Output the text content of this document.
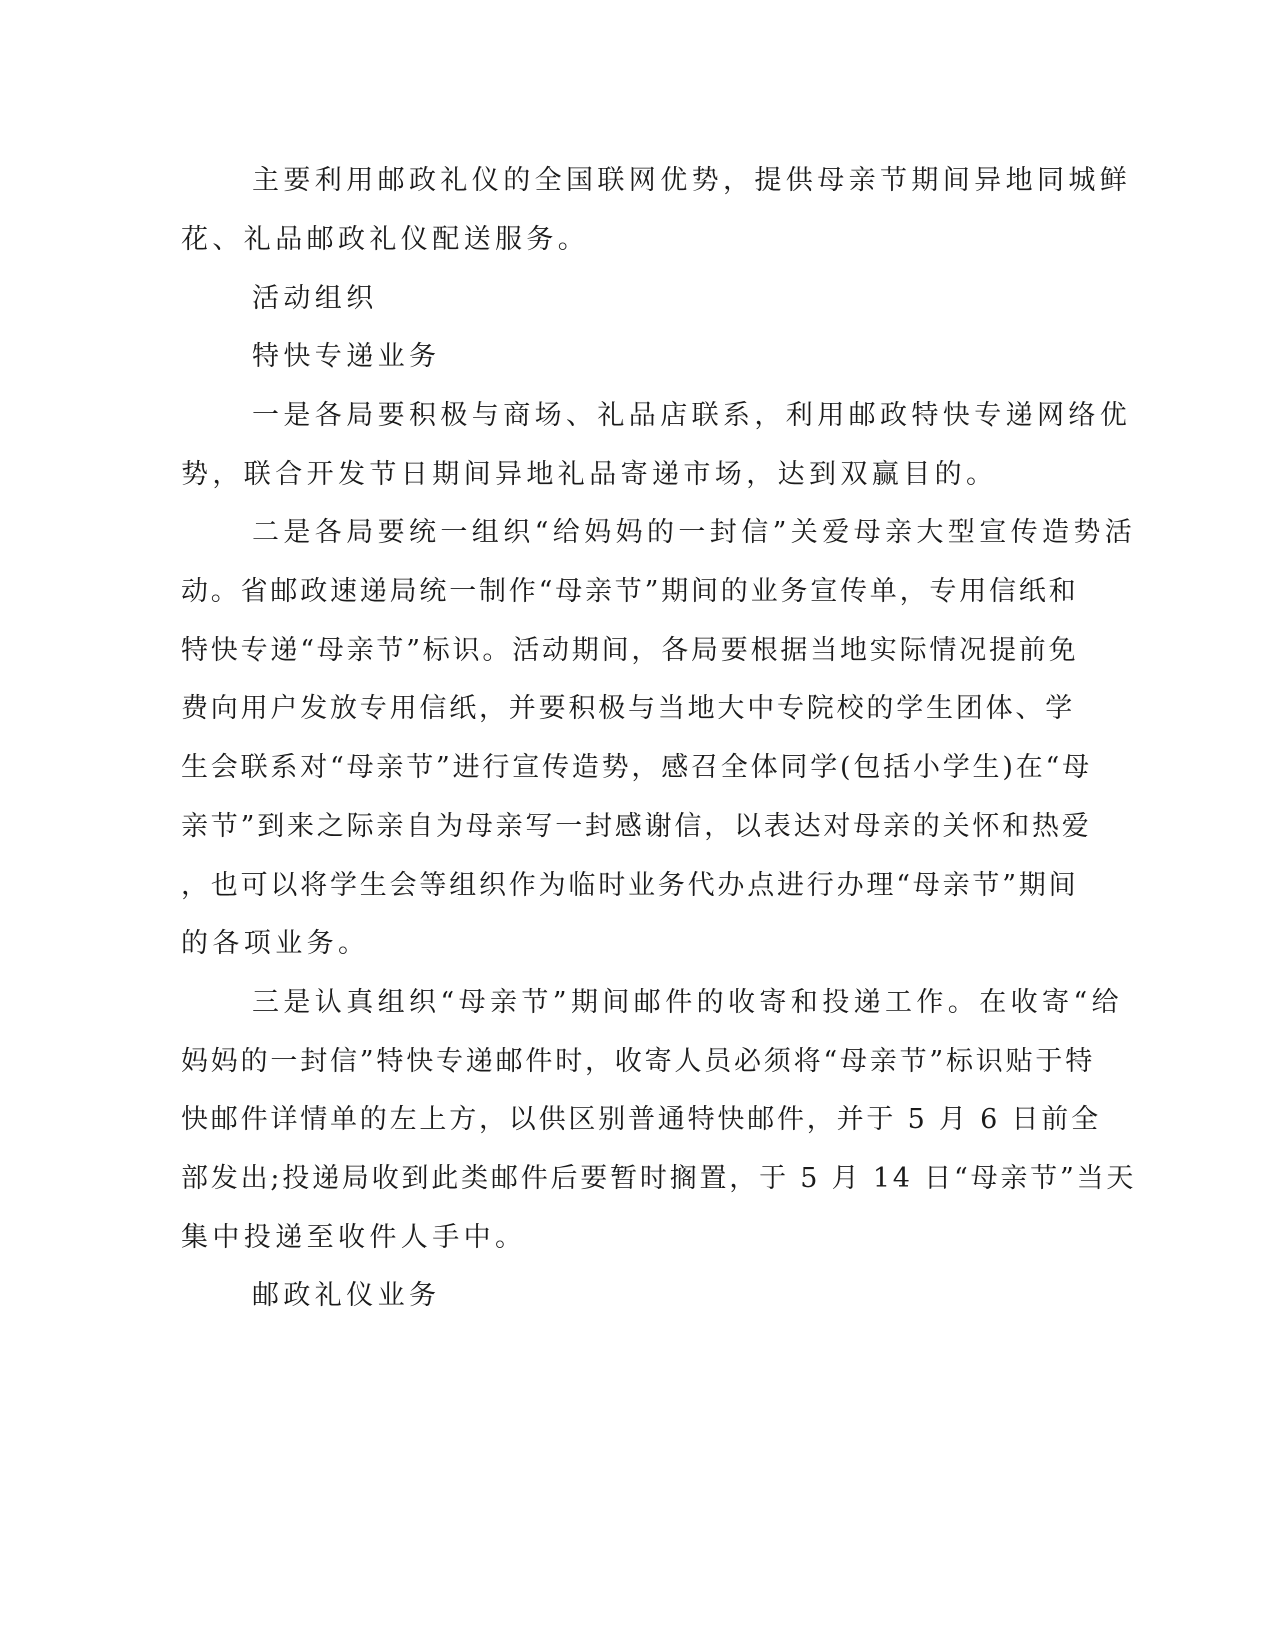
主要利用邮政礼仪的全国联网优势，提供母亲节期间异地同城鲜

花、礼品邮政礼仪配送服务。

活动组织

特快专递业务

一是各局要积极与商场、礼品店联系，利用邮政特快专递网络优

势，联合开发节日期间异地礼品寄递市场，达到双赢目的。

二是各局要统一组织“给妈妈的一封信”关爱母亲大型宣传造势活

动。省邮政速递局统一制作“母亲节”期间的业务宣传单，专用信纸和

特快专递“母亲节”标识。活动期间，各局要根据当地实际情况提前免

费向用户发放专用信纸，并要积极与当地大中专院校的学生团体、学

生会联系对“母亲节”进行宣传造势，感召全体同学(包括小学生)在“母

亲节”到来之际亲自为母亲写一封感谢信，以表达对母亲的关怀和热爱

，也可以将学生会等组织作为临时业务代办点进行办理“母亲节”期间

的各项业务。

三是认真组织“母亲节”期间邮件的收寄和投递工作。在收寄“给

妈妈的一封信”特快专递邮件时，收寄人员必须将“母亲节”标识贴于特

快邮件详情单的左上方，以供区别普通特快邮件，并于 5 月 6 日前全

部发出;投递局收到此类邮件后要暂时搁置，于 5 月 14 日“母亲节”当天

集中投递至收件人手中。

邮政礼仪业务
